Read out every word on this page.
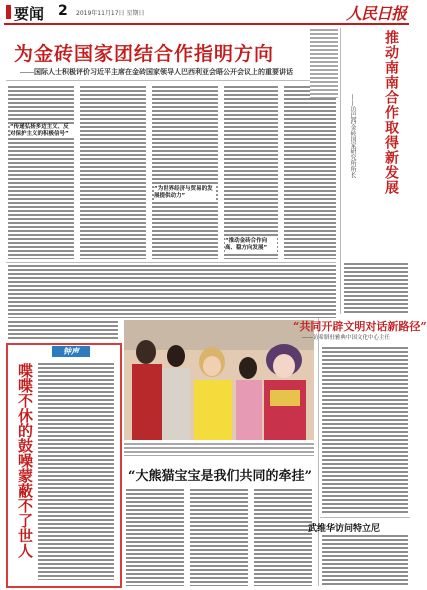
要闻 2 2019年11月17日 星期日	人民日报
为金砖国家团结合作指明方向
——国际人士积极评价习近平主席在金砖国家领导人巴西利亚会晤公开会议上的重要讲话
“传递弘扬多边主义、反对保护主义的积极信号”
“为世界经济与贸易的发展提供动力”
“推动金砖合作向高、稳方向发展”
推动南南合作取得新发展
——访巴西金砖国家研究所所长
钟声
喋喋不休的鼓噪蒙蔽不了世人	“大熊猫宝宝是我们共同的牵挂”
“共同开辟文明对话新路径”
——访希腊驻雅典中国文化中心主任
武维华访问特立尼
